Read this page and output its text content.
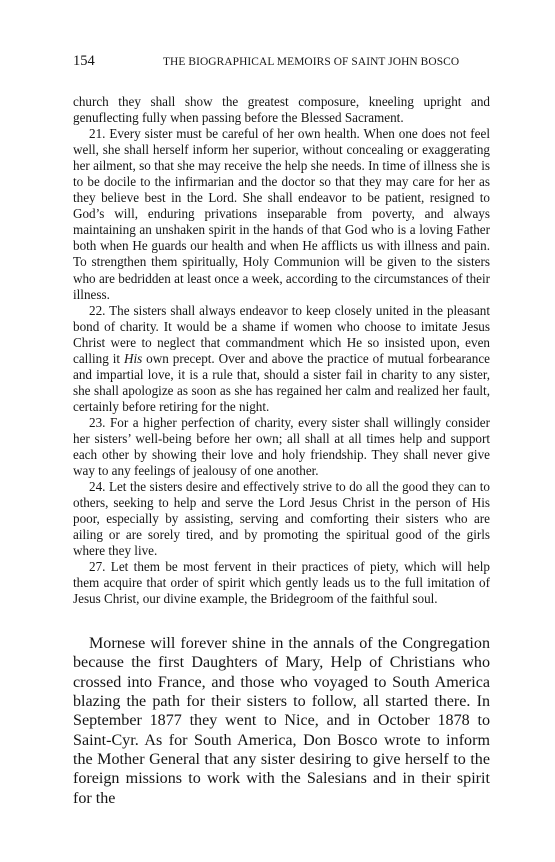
154	THE BIOGRAPHICAL MEMOIRS OF SAINT JOHN BOSCO

church they shall show the greatest composure, kneeling upright and genuflecting fully when passing before the Blessed Sacrament.

21. Every sister must be careful of her own health. When one does not feel well, she shall herself inform her superior, without concealing or exaggerating her ailment, so that she may receive the help she needs. In time of illness she is to be docile to the infirmarian and the doctor so that they may care for her as they believe best in the Lord. She shall endeavor to be patient, resigned to God’s will, enduring privations inseparable from poverty, and always maintaining an unshaken spirit in the hands of that God who is a loving Father both when He guards our health and when He afflicts us with illness and pain. To strengthen them spiritually, Holy Communion will be given to the sisters who are bedridden at least once a week, according to the circumstances of their illness.

22. The sisters shall always endeavor to keep closely united in the pleasant bond of charity. It would be a shame if women who choose to imitate Jesus Christ were to neglect that commandment which He so insisted upon, even calling it His own precept. Over and above the practice of mutual forbearance and impartial love, it is a rule that, should a sister fail in charity to any sister, she shall apologize as soon as she has regained her calm and realized her fault, certainly before retiring for the night.

23. For a higher perfection of charity, every sister shall willingly consider her sisters’ well-being before her own; all shall at all times help and support each other by showing their love and holy friendship. They shall never give way to any feelings of jealousy of one another.

24. Let the sisters desire and effectively strive to do all the good they can to others, seeking to help and serve the Lord Jesus Christ in the person of His poor, especially by assisting, serving and comforting their sisters who are ailing or are sorely tired, and by promoting the spiritual good of the girls where they live.

27. Let them be most fervent in their practices of piety, which will help them acquire that order of spirit which gently leads us to the full imitation of Jesus Christ, our divine example, the Bridegroom of the faithful soul.

Mornese will forever shine in the annals of the Congregation because the first Daughters of Mary, Help of Christians who crossed into France, and those who voyaged to South America blazing the path for their sisters to follow, all started there. In September 1877 they went to Nice, and in October 1878 to Saint-Cyr. As for South America, Don Bosco wrote to inform the Mother General that any sister desiring to give herself to the foreign missions to work with the Salesians and in their spirit for the
